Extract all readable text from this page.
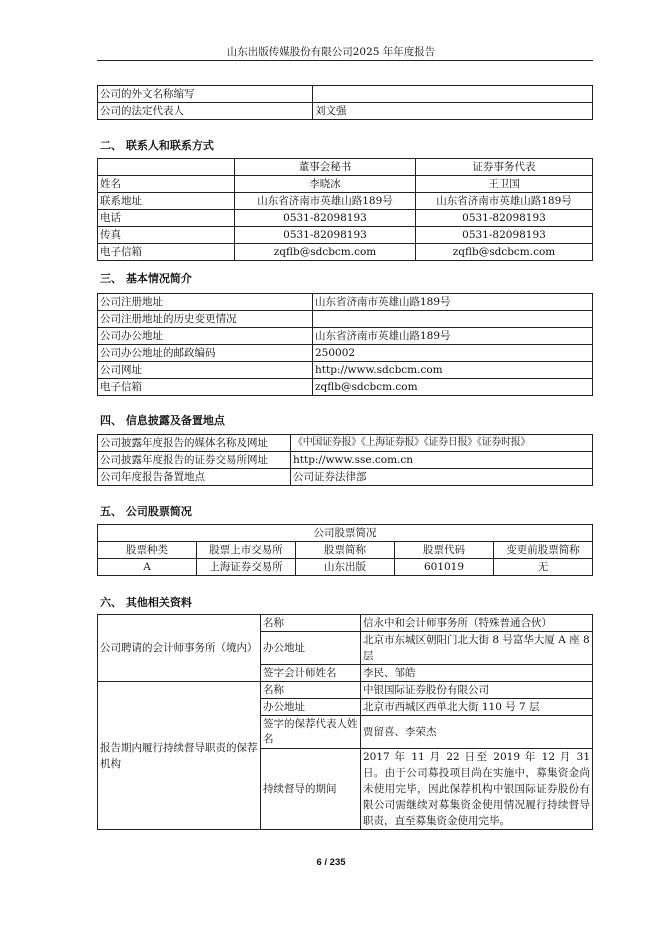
山东出版传媒股份有限公司2025 年年度报告
公司的外文名称缩写	
公司的法定代表人	刘文强
二、 联系人和联系方式
	董事会秘书	证券事务代表
姓名	李晓冰	王卫国
联系地址	山东省济南市英雄山路189号	山东省济南市英雄山路189号
电话	0531-82098193	0531-82098193
传真	0531-82098193	0531-82098193
电子信箱	zqflb@sdcbcm.com	zqflb@sdcbcm.com
三、 基本情况简介
公司注册地址	山东省济南市英雄山路189号
公司注册地址的历史变更情况	
公司办公地址	山东省济南市英雄山路189号
公司办公地址的邮政编码	250002
公司网址	http://www.sdcbcm.com
电子信箱	zqflb@sdcbcm.com
四、 信息披露及备置地点
公司披露年度报告的媒体名称及网址	《中国证券报》《上海证券报》《证券日报》《证券时报》
公司披露年度报告的证券交易所网址	http://www.sse.com.cn
公司年度报告备置地点	公司证券法律部
五、 公司股票简况
公司股票简况				
股票种类	股票上市交易所	股票简称	股票代码	变更前股票简称
A	上海证券交易所	山东出版	601019	无
六、 其他相关资料
公司聘请的会计师事务所（境内）	名称	信永中和会计师事务所（特殊普通合伙）
	办公地址	北京市东城区朝阳门北大街 8 号富华大厦 A 座 8 层
	签字会计师姓名	李民、邹皓
报告期内履行持续督导职责的保荐机构	名称	中银国际证券股份有限公司
	办公地址	北京市西城区西单北大街 110 号 7 层
	签字的保荐代表人姓名	贾留喜、李荣杰
	持续督导的期间	2017 年 11 月 22 日至 2019 年 12 月 31 日。由于公司募投项目尚在实施中，募集资金尚未使用完毕，因此保荐机构中银国际证券股份有限公司需继续对募集资金使用情况履行持续督导职责，直至募集资金使用完毕。
6 / 235
